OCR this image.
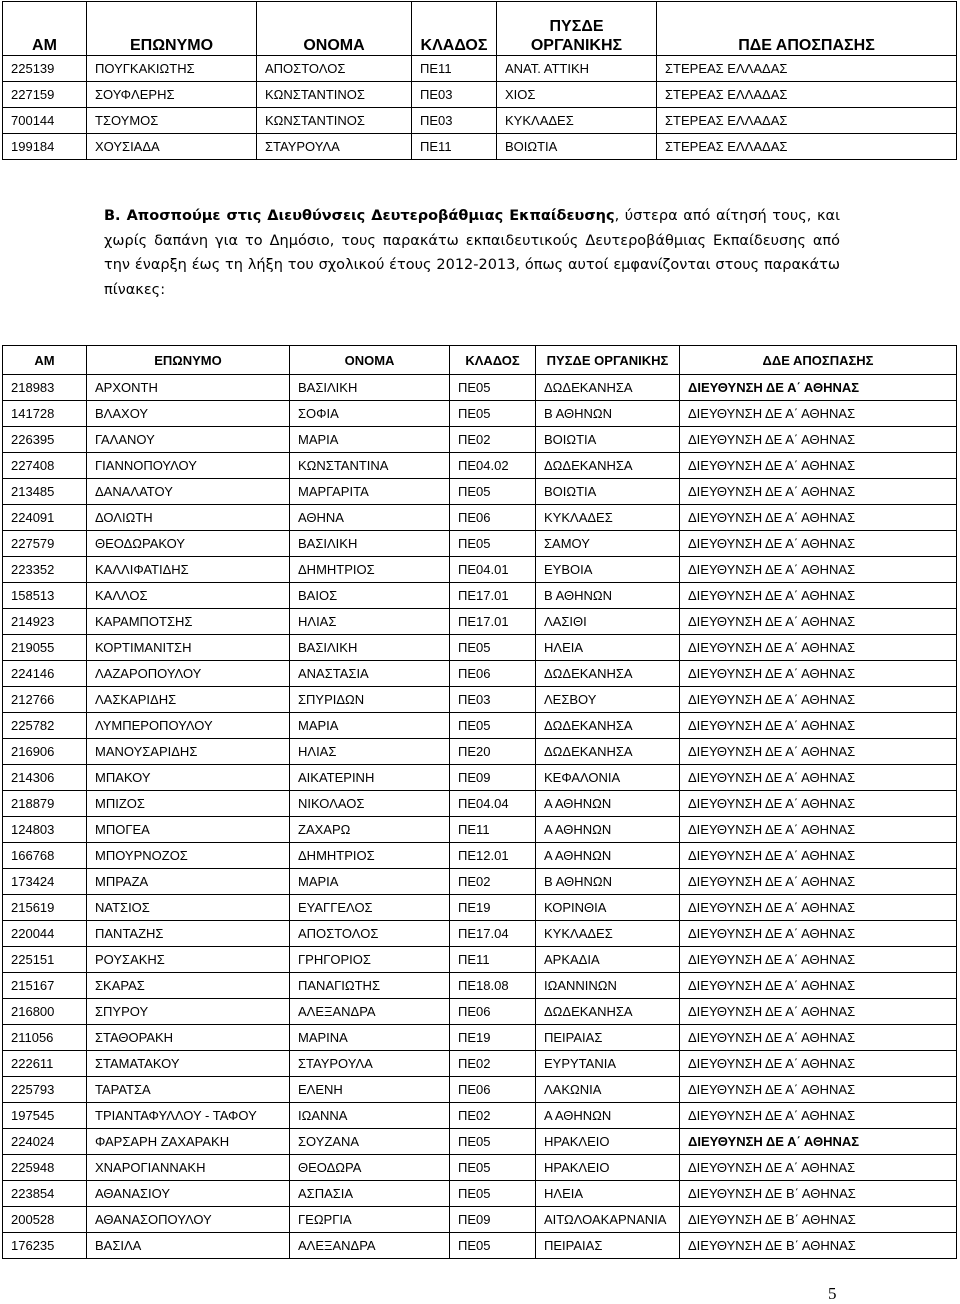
ΑΜ	ΕΠΩΝΥΜΟ	ΟΝΟΜΑ	ΚΛΑΔΟΣ	ΠΥΣΔΕ
ΟΡΓΑΝΙΚΗΣ	ΠΔΕ ΑΠΟΣΠΑΣΗΣ
225139	ΠΟΥΓΚΑΚΙΩΤΗΣ	ΑΠΟΣΤΟΛΟΣ	ΠΕ11	ΑΝΑΤ. ΑΤΤΙΚΗ	ΣΤΕΡΕΑΣ ΕΛΛΑΔΑΣ
227159	ΣΟΥΦΛΕΡΗΣ	ΚΩΝΣΤΑΝΤΙΝΟΣ	ΠΕ03	ΧΙΟΣ	ΣΤΕΡΕΑΣ ΕΛΛΑΔΑΣ
700144	ΤΣΟΥΜΟΣ	ΚΩΝΣΤΑΝΤΙΝΟΣ	ΠΕ03	ΚΥΚΛΑΔΕΣ	ΣΤΕΡΕΑΣ ΕΛΛΑΔΑΣ
199184	ΧΟΥΣΙΑΔΑ	ΣΤΑΥΡΟΥΛΑ	ΠΕ11	ΒΟΙΩΤΙΑ	ΣΤΕΡΕΑΣ ΕΛΛΑΔΑΣ
Β. Αποσπούμε στις Διευθύνσεις Δευτεροβάθμιας Εκπαίδευσης, ύστερα από αίτησή τους, και χωρίς δαπάνη για το Δημόσιο, τους παρακάτω εκπαιδευτικούς Δευτεροβάθμιας Εκπαίδευσης από την έναρξη έως τη λήξη του σχολικού έτους 2012-2013, όπως αυτοί εμφανίζονται στους παρακάτω πίνακες:
ΑΜ	ΕΠΩΝΥΜΟ	ΟΝΟΜΑ	ΚΛΑΔΟΣ	ΠΥΣΔΕ ΟΡΓΑΝΙΚΗΣ	ΔΔΕ ΑΠΟΣΠΑΣΗΣ
218983	ΑΡΧΟΝΤΗ	ΒΑΣΙΛΙΚΗ	ΠΕ05	ΔΩΔΕΚΑΝΗΣΑ	ΔΙΕΥΘΥΝΣΗ ΔΕ Α΄ ΑΘΗΝΑΣ
141728	ΒΛΑΧΟΥ	ΣΟΦΙΑ	ΠΕ05	Β ΑΘΗΝΩΝ	ΔΙΕΥΘΥΝΣΗ ΔΕ Α΄ ΑΘΗΝΑΣ
226395	ΓΑΛΑΝΟΥ	ΜΑΡΙΑ	ΠΕ02	ΒΟΙΩΤΙΑ	ΔΙΕΥΘΥΝΣΗ ΔΕ Α΄ ΑΘΗΝΑΣ
227408	ΓΙΑΝΝΟΠΟΥΛΟΥ	ΚΩΝΣΤΑΝΤΙΝΑ	ΠΕ04.02	ΔΩΔΕΚΑΝΗΣΑ	ΔΙΕΥΘΥΝΣΗ ΔΕ Α΄ ΑΘΗΝΑΣ
213485	ΔΑΝΑΛΑΤΟΥ	ΜΑΡΓΑΡΙΤΑ	ΠΕ05	ΒΟΙΩΤΙΑ	ΔΙΕΥΘΥΝΣΗ ΔΕ Α΄ ΑΘΗΝΑΣ
224091	ΔΟΛΙΩΤΗ	ΑΘΗΝΑ	ΠΕ06	ΚΥΚΛΑΔΕΣ	ΔΙΕΥΘΥΝΣΗ ΔΕ Α΄ ΑΘΗΝΑΣ
227579	ΘΕΟΔΩΡΑΚΟΥ	ΒΑΣΙΛΙΚΗ	ΠΕ05	ΣΑΜΟΥ	ΔΙΕΥΘΥΝΣΗ ΔΕ Α΄ ΑΘΗΝΑΣ
223352	ΚΑΛΛΙΦΑΤΙΔΗΣ	ΔΗΜΗΤΡΙΟΣ	ΠΕ04.01	ΕΥΒΟΙΑ	ΔΙΕΥΘΥΝΣΗ ΔΕ Α΄ ΑΘΗΝΑΣ
158513	ΚΑΛΛΟΣ	ΒΑΙΟΣ	ΠΕ17.01	Β ΑΘΗΝΩΝ	ΔΙΕΥΘΥΝΣΗ ΔΕ Α΄ ΑΘΗΝΑΣ
214923	ΚΑΡΑΜΠΟΤΣΗΣ	ΗΛΙΑΣ	ΠΕ17.01	ΛΑΣΙΘΙ	ΔΙΕΥΘΥΝΣΗ ΔΕ Α΄ ΑΘΗΝΑΣ
219055	ΚΟΡΤΙΜΑΝΙΤΣΗ	ΒΑΣΙΛΙΚΗ	ΠΕ05	ΗΛΕΙΑ	ΔΙΕΥΘΥΝΣΗ ΔΕ Α΄ ΑΘΗΝΑΣ
224146	ΛΑΖΑΡΟΠΟΥΛΟΥ	ΑΝΑΣΤΑΣΙΑ	ΠΕ06	ΔΩΔΕΚΑΝΗΣΑ	ΔΙΕΥΘΥΝΣΗ ΔΕ Α΄ ΑΘΗΝΑΣ
212766	ΛΑΣΚΑΡΙΔΗΣ	ΣΠΥΡΙΔΩΝ	ΠΕ03	ΛΕΣΒΟΥ	ΔΙΕΥΘΥΝΣΗ ΔΕ Α΄ ΑΘΗΝΑΣ
225782	ΛΥΜΠΕΡΟΠΟΥΛΟΥ	ΜΑΡΙΑ	ΠΕ05	ΔΩΔΕΚΑΝΗΣΑ	ΔΙΕΥΘΥΝΣΗ ΔΕ Α΄ ΑΘΗΝΑΣ
216906	ΜΑΝΟΥΣΑΡΙΔΗΣ	ΗΛΙΑΣ	ΠΕ20	ΔΩΔΕΚΑΝΗΣΑ	ΔΙΕΥΘΥΝΣΗ ΔΕ Α΄ ΑΘΗΝΑΣ
214306	ΜΠΑΚΟΥ	ΑΙΚΑΤΕΡΙΝΗ	ΠΕ09	ΚΕΦΑΛΟΝΙΑ	ΔΙΕΥΘΥΝΣΗ ΔΕ Α΄ ΑΘΗΝΑΣ
218879	ΜΠΙΖΟΣ	ΝΙΚΟΛΑΟΣ	ΠΕ04.04	Α ΑΘΗΝΩΝ	ΔΙΕΥΘΥΝΣΗ ΔΕ Α΄ ΑΘΗΝΑΣ
124803	ΜΠΟΓΕΑ	ΖΑΧΑΡΩ	ΠΕ11	Α ΑΘΗΝΩΝ	ΔΙΕΥΘΥΝΣΗ ΔΕ Α΄ ΑΘΗΝΑΣ
166768	ΜΠΟΥΡΝΟΖΟΣ	ΔΗΜΗΤΡΙΟΣ	ΠΕ12.01	Α ΑΘΗΝΩΝ	ΔΙΕΥΘΥΝΣΗ ΔΕ Α΄ ΑΘΗΝΑΣ
173424	ΜΠΡΑΖΑ	ΜΑΡΙΑ	ΠΕ02	Β ΑΘΗΝΩΝ	ΔΙΕΥΘΥΝΣΗ ΔΕ Α΄ ΑΘΗΝΑΣ
215619	ΝΑΤΣΙΟΣ	ΕΥΑΓΓΕΛΟΣ	ΠΕ19	ΚΟΡΙΝΘΙΑ	ΔΙΕΥΘΥΝΣΗ ΔΕ Α΄ ΑΘΗΝΑΣ
220044	ΠΑΝΤΑΖΗΣ	ΑΠΟΣΤΟΛΟΣ	ΠΕ17.04	ΚΥΚΛΑΔΕΣ	ΔΙΕΥΘΥΝΣΗ ΔΕ Α΄ ΑΘΗΝΑΣ
225151	ΡΟΥΣΑΚΗΣ	ΓΡΗΓΟΡΙΟΣ	ΠΕ11	ΑΡΚΑΔΙΑ	ΔΙΕΥΘΥΝΣΗ ΔΕ Α΄ ΑΘΗΝΑΣ
215167	ΣΚΑΡΑΣ	ΠΑΝΑΓΙΩΤΗΣ	ΠΕ18.08	ΙΩΑΝΝΙΝΩΝ	ΔΙΕΥΘΥΝΣΗ ΔΕ Α΄ ΑΘΗΝΑΣ
216800	ΣΠΥΡΟΥ	ΑΛΕΞΑΝΔΡΑ	ΠΕ06	ΔΩΔΕΚΑΝΗΣΑ	ΔΙΕΥΘΥΝΣΗ ΔΕ Α΄ ΑΘΗΝΑΣ
211056	ΣΤΑΘΟΡΑΚΗ	ΜΑΡΙΝΑ	ΠΕ19	ΠΕΙΡΑΙΑΣ	ΔΙΕΥΘΥΝΣΗ ΔΕ Α΄ ΑΘΗΝΑΣ
222611	ΣΤΑΜΑΤΑΚΟΥ	ΣΤΑΥΡΟΥΛΑ	ΠΕ02	ΕΥΡΥΤΑΝΙΑ	ΔΙΕΥΘΥΝΣΗ ΔΕ Α΄ ΑΘΗΝΑΣ
225793	ΤΑΡΑΤΣΑ	ΕΛΕΝΗ	ΠΕ06	ΛΑΚΩΝΙΑ	ΔΙΕΥΘΥΝΣΗ ΔΕ Α΄ ΑΘΗΝΑΣ
197545	ΤΡΙΑΝΤΑΦΥΛΛΟΥ - ΤΑΦΟΥ	ΙΩΑΝΝΑ	ΠΕ02	Α ΑΘΗΝΩΝ	ΔΙΕΥΘΥΝΣΗ ΔΕ Α΄ ΑΘΗΝΑΣ
224024	ΦΑΡΣΑΡΗ ΖΑΧΑΡΑΚΗ	ΣΟΥΖΑΝΑ	ΠΕ05	ΗΡΑΚΛΕΙΟ	ΔΙΕΥΘΥΝΣΗ ΔΕ Α΄ ΑΘΗΝΑΣ
225948	ΧΝΑΡΟΓΙΑΝΝΑΚΗ	ΘΕΟΔΩΡΑ	ΠΕ05	ΗΡΑΚΛΕΙΟ	ΔΙΕΥΘΥΝΣΗ ΔΕ Α΄ ΑΘΗΝΑΣ
223854	ΑΘΑΝΑΣΙΟΥ	ΑΣΠΑΣΙΑ	ΠΕ05	ΗΛΕΙΑ	ΔΙΕΥΘΥΝΣΗ ΔΕ Β΄ ΑΘΗΝΑΣ
200528	ΑΘΑΝΑΣΟΠΟΥΛΟΥ	ΓΕΩΡΓΙΑ	ΠΕ09	ΑΙΤΩΛΟΑΚΑΡΝΑΝΙΑ	ΔΙΕΥΘΥΝΣΗ ΔΕ Β΄ ΑΘΗΝΑΣ
176235	ΒΑΣΙΛΑ	ΑΛΕΞΑΝΔΡΑ	ΠΕ05	ΠΕΙΡΑΙΑΣ	ΔΙΕΥΘΥΝΣΗ ΔΕ Β΄ ΑΘΗΝΑΣ
5
